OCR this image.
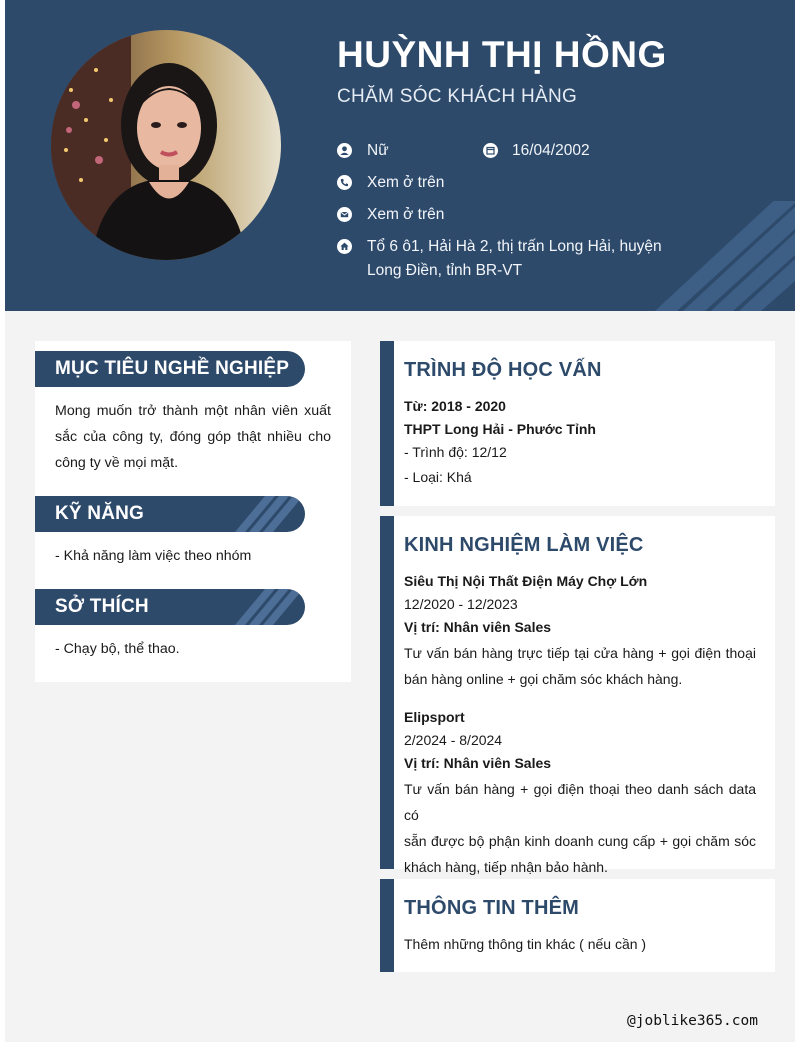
HUỲNH THỊ HỒNG
CHĂM SÓC KHÁCH HÀNG
Nữ	16/04/2002
Xem ở trên
Xem ở trên
Tổ 6 ô1, Hải Hà 2, thị trấn Long Hải, huyện
Long Điền, tỉnh BR-VT
MỤC TIÊU NGHỀ NGHIỆP
Mong muốn trở thành một nhân viên xuất
sắc của công ty, đóng góp thật nhiều cho
công ty về mọi mặt.
KỸ NĂNG
- Khả năng làm việc theo nhóm
SỞ THÍCH
- Chạy bộ, thể thao.
TRÌNH ĐỘ HỌC VẤN
Từ: 2018 - 2020
THPT Long Hải - Phước Tỉnh
- Trình độ: 12/12
- Loại: Khá
KINH NGHIỆM LÀM VIỆC
Siêu Thị Nội Thất Điện Máy Chợ Lớn
12/2020 - 12/2023
Vị trí: Nhân viên Sales
Tư vấn bán hàng trực tiếp tại cửa hàng + gọi điện thoại
bán hàng online + gọi chăm sóc khách hàng.
Elipsport
2/2024 - 8/2024
Vị trí: Nhân viên Sales
Tư vấn bán hàng + gọi điện thoại theo danh sách data có
sẵn được bộ phận kinh doanh cung cấp + gọi chăm sóc
khách hàng, tiếp nhận bảo hành.
THÔNG TIN THÊM
Thêm những thông tin khác ( nếu cần )
@joblike365.com
